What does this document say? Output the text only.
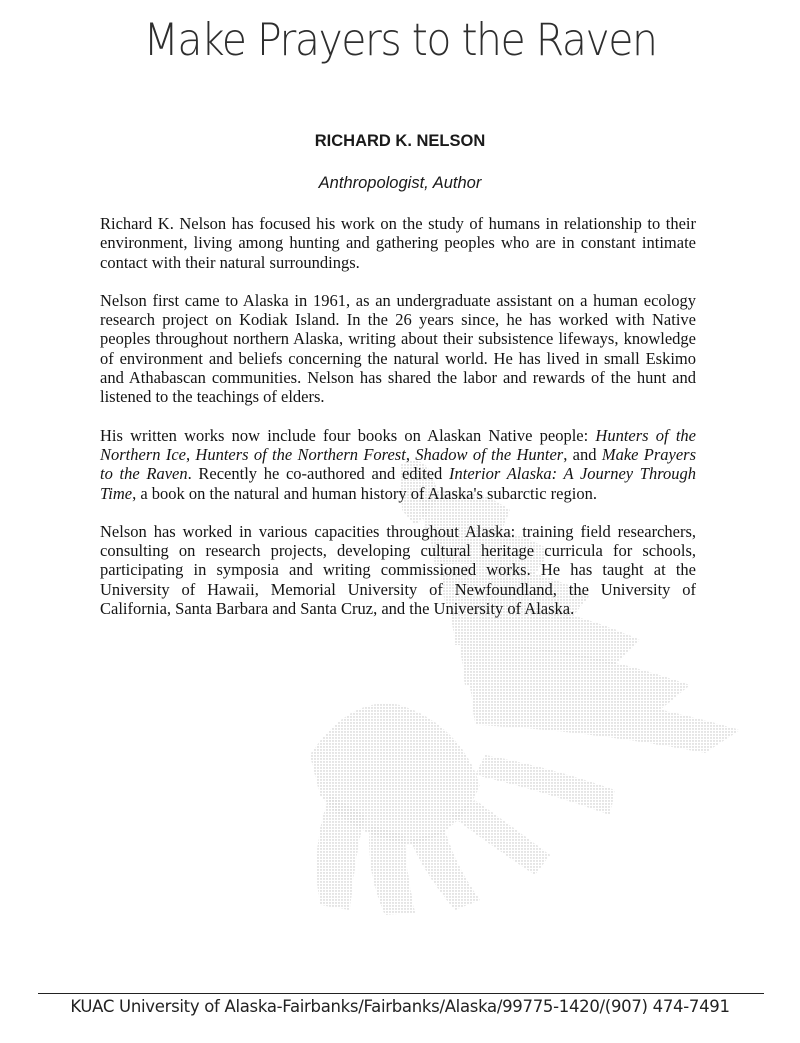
Make Prayers to the Raven
RICHARD K. NELSON
Anthropologist, Author

Richard K. Nelson has focused his work on the study of humans in relationship to their environment, living among hunting and gathering peoples who are in constant intimate contact with their natural surroundings.

Nelson first came to Alaska in 1961, as an undergraduate assistant on a human ecology research project on Kodiak Island. In the 26 years since, he has worked with Native peoples throughout northern Alaska, writing about their subsistence lifeways, knowledge of environment and beliefs concerning the natural world. He has lived in small Eskimo and Athabascan communities. Nelson has shared the labor and rewards of the hunt and listened to the teachings of elders.

His written works now include four books on Alaskan Native people: Hunters of the Northern Ice, Hunters of the Northern Forest, Shadow of the Hunter, and Make Prayers to the Raven. Recently he co-authored and edited Interior Alaska: A Journey Through Time, a book on the natural and human history of Alaska's subarctic region.

Nelson has worked in various capacities throughout Alaska: training field researchers, consulting on research projects, developing cultural heritage curricula for schools, participating in symposia and writing commissioned works. He has taught at the University of Hawaii, Memorial University of Newfoundland, the University of California, Santa Barbara and Santa Cruz, and the University of Alaska.

KUAC University of Alaska-Fairbanks/Fairbanks/Alaska/99775-1420/(907) 474-7491
